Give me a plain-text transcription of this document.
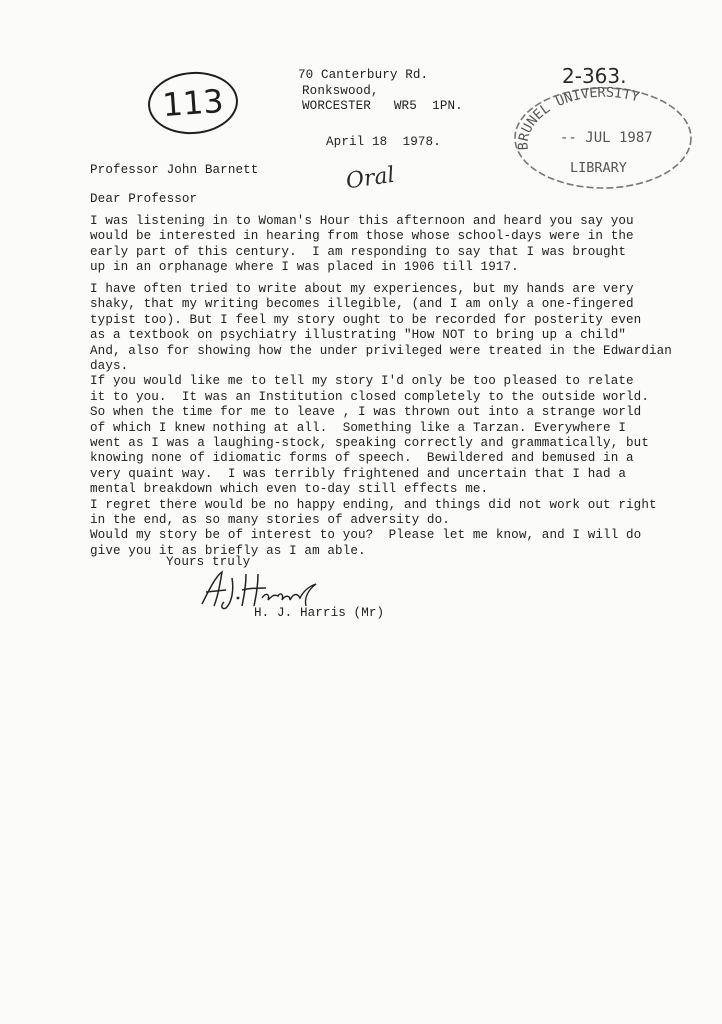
113
2-363.
BRUNEL UNIVERSITY
-- JUL 1987
LIBRARY
70 Canterbury Rd.
Ronkswood,
WORCESTER   WR5  1PN.
April 18  1978.
Professor John Barnett	Oral
Dear Professor
I was listening in to Woman's Hour this afternoon and heard you say you
would be interested in hearing from those whose school-days were in the
early part of this century.  I am responding to say that I was brought
up in an orphanage where I was placed in 1906 till 1917.
I have often tried to write about my experiences, but my hands are very
shaky, that my writing becomes illegible, (and I am only a one-fingered
typist too). But I feel my story ought to be recorded for posterity even
as a textbook on psychiatry illustrating "How NOT to bring up a child"
And, also for showing how the under privileged were treated in the Edwardian
days.
If you would like me to tell my story I'd only be too pleased to relate
it to you.  It was an Institution closed completely to the outside world.
So when the time for me to leave , I was thrown out into a strange world
of which I knew nothing at all.  Something like a Tarzan. Everywhere I
went as I was a laughing-stock, speaking correctly and grammatically, but
knowing none of idiomatic forms of speech.  Bewildered and bemused in a
very quaint way.  I was terribly frightened and uncertain that I had a
mental breakdown which even to-day still effects me.
I regret there would be no happy ending, and things did not work out right
in the end, as so many stories of adversity do.
Would my story be of interest to you?  Please let me know, and I will do
give you it as briefly as I am able.
Yours truly
H. J. Harris (Mr)
